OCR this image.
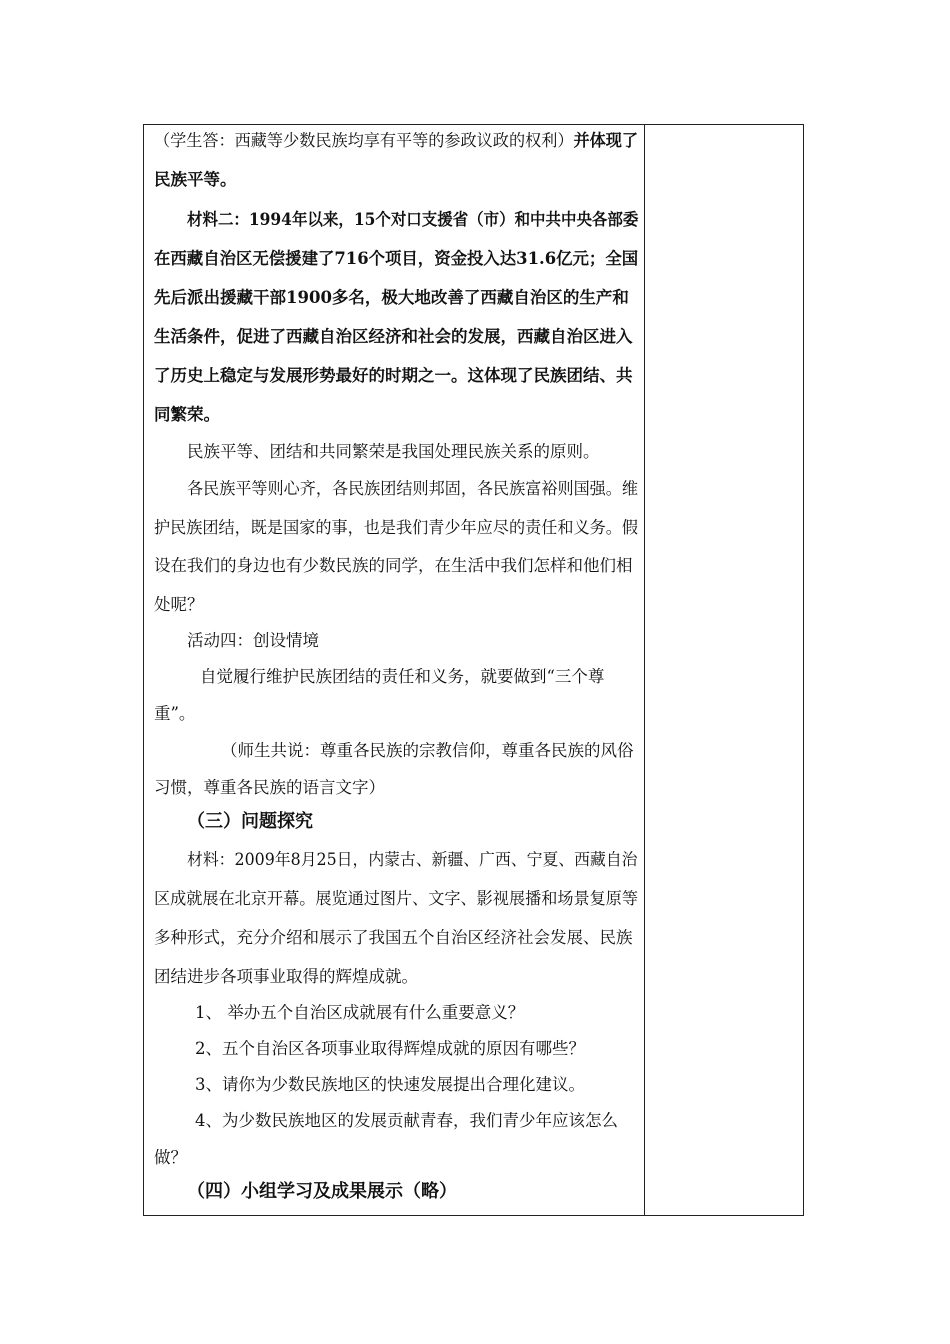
（学生答：西藏等少数民族均享有平等的参政议政的权利）并体现了
民族平等。
材料二：1994年以来，15个对口支援省（市）和中共中央各部委
在西藏自治区无偿援建了716个项目，资金投入达31.6亿元；全国
先后派出援藏干部1900多名，极大地改善了西藏自治区的生产和
生活条件，促进了西藏自治区经济和社会的发展，西藏自治区进入
了历史上稳定与发展形势最好的时期之一。这体现了民族团结、共
同繁荣。
民族平等、团结和共同繁荣是我国处理民族关系的原则。
各民族平等则心齐，各民族团结则邦固，各民族富裕则国强。维
护民族团结，既是国家的事，也是我们青少年应尽的责任和义务。假
设在我们的身边也有少数民族的同学，在生活中我们怎样和他们相
处呢？
活动四：创设情境
自觉履行维护民族团结的责任和义务，就要做到“三个尊
重”。
（师生共说：尊重各民族的宗教信仰，尊重各民族的风俗
习惯，尊重各民族的语言文字）
（三）问题探究
材料：2009年8月25日，内蒙古、新疆、广西、宁夏、西藏自治
区成就展在北京开幕。展览通过图片、文字、影视展播和场景复原等
多种形式，充分介绍和展示了我国五个自治区经济社会发展、民族
团结进步各项事业取得的辉煌成就。
1、 举办五个自治区成就展有什么重要意义？
2、五个自治区各项事业取得辉煌成就的原因有哪些？
3、请你为少数民族地区的快速发展提出合理化建议。
4、为少数民族地区的发展贡献青春，我们青少年应该怎么
做？
（四）小组学习及成果展示（略）
